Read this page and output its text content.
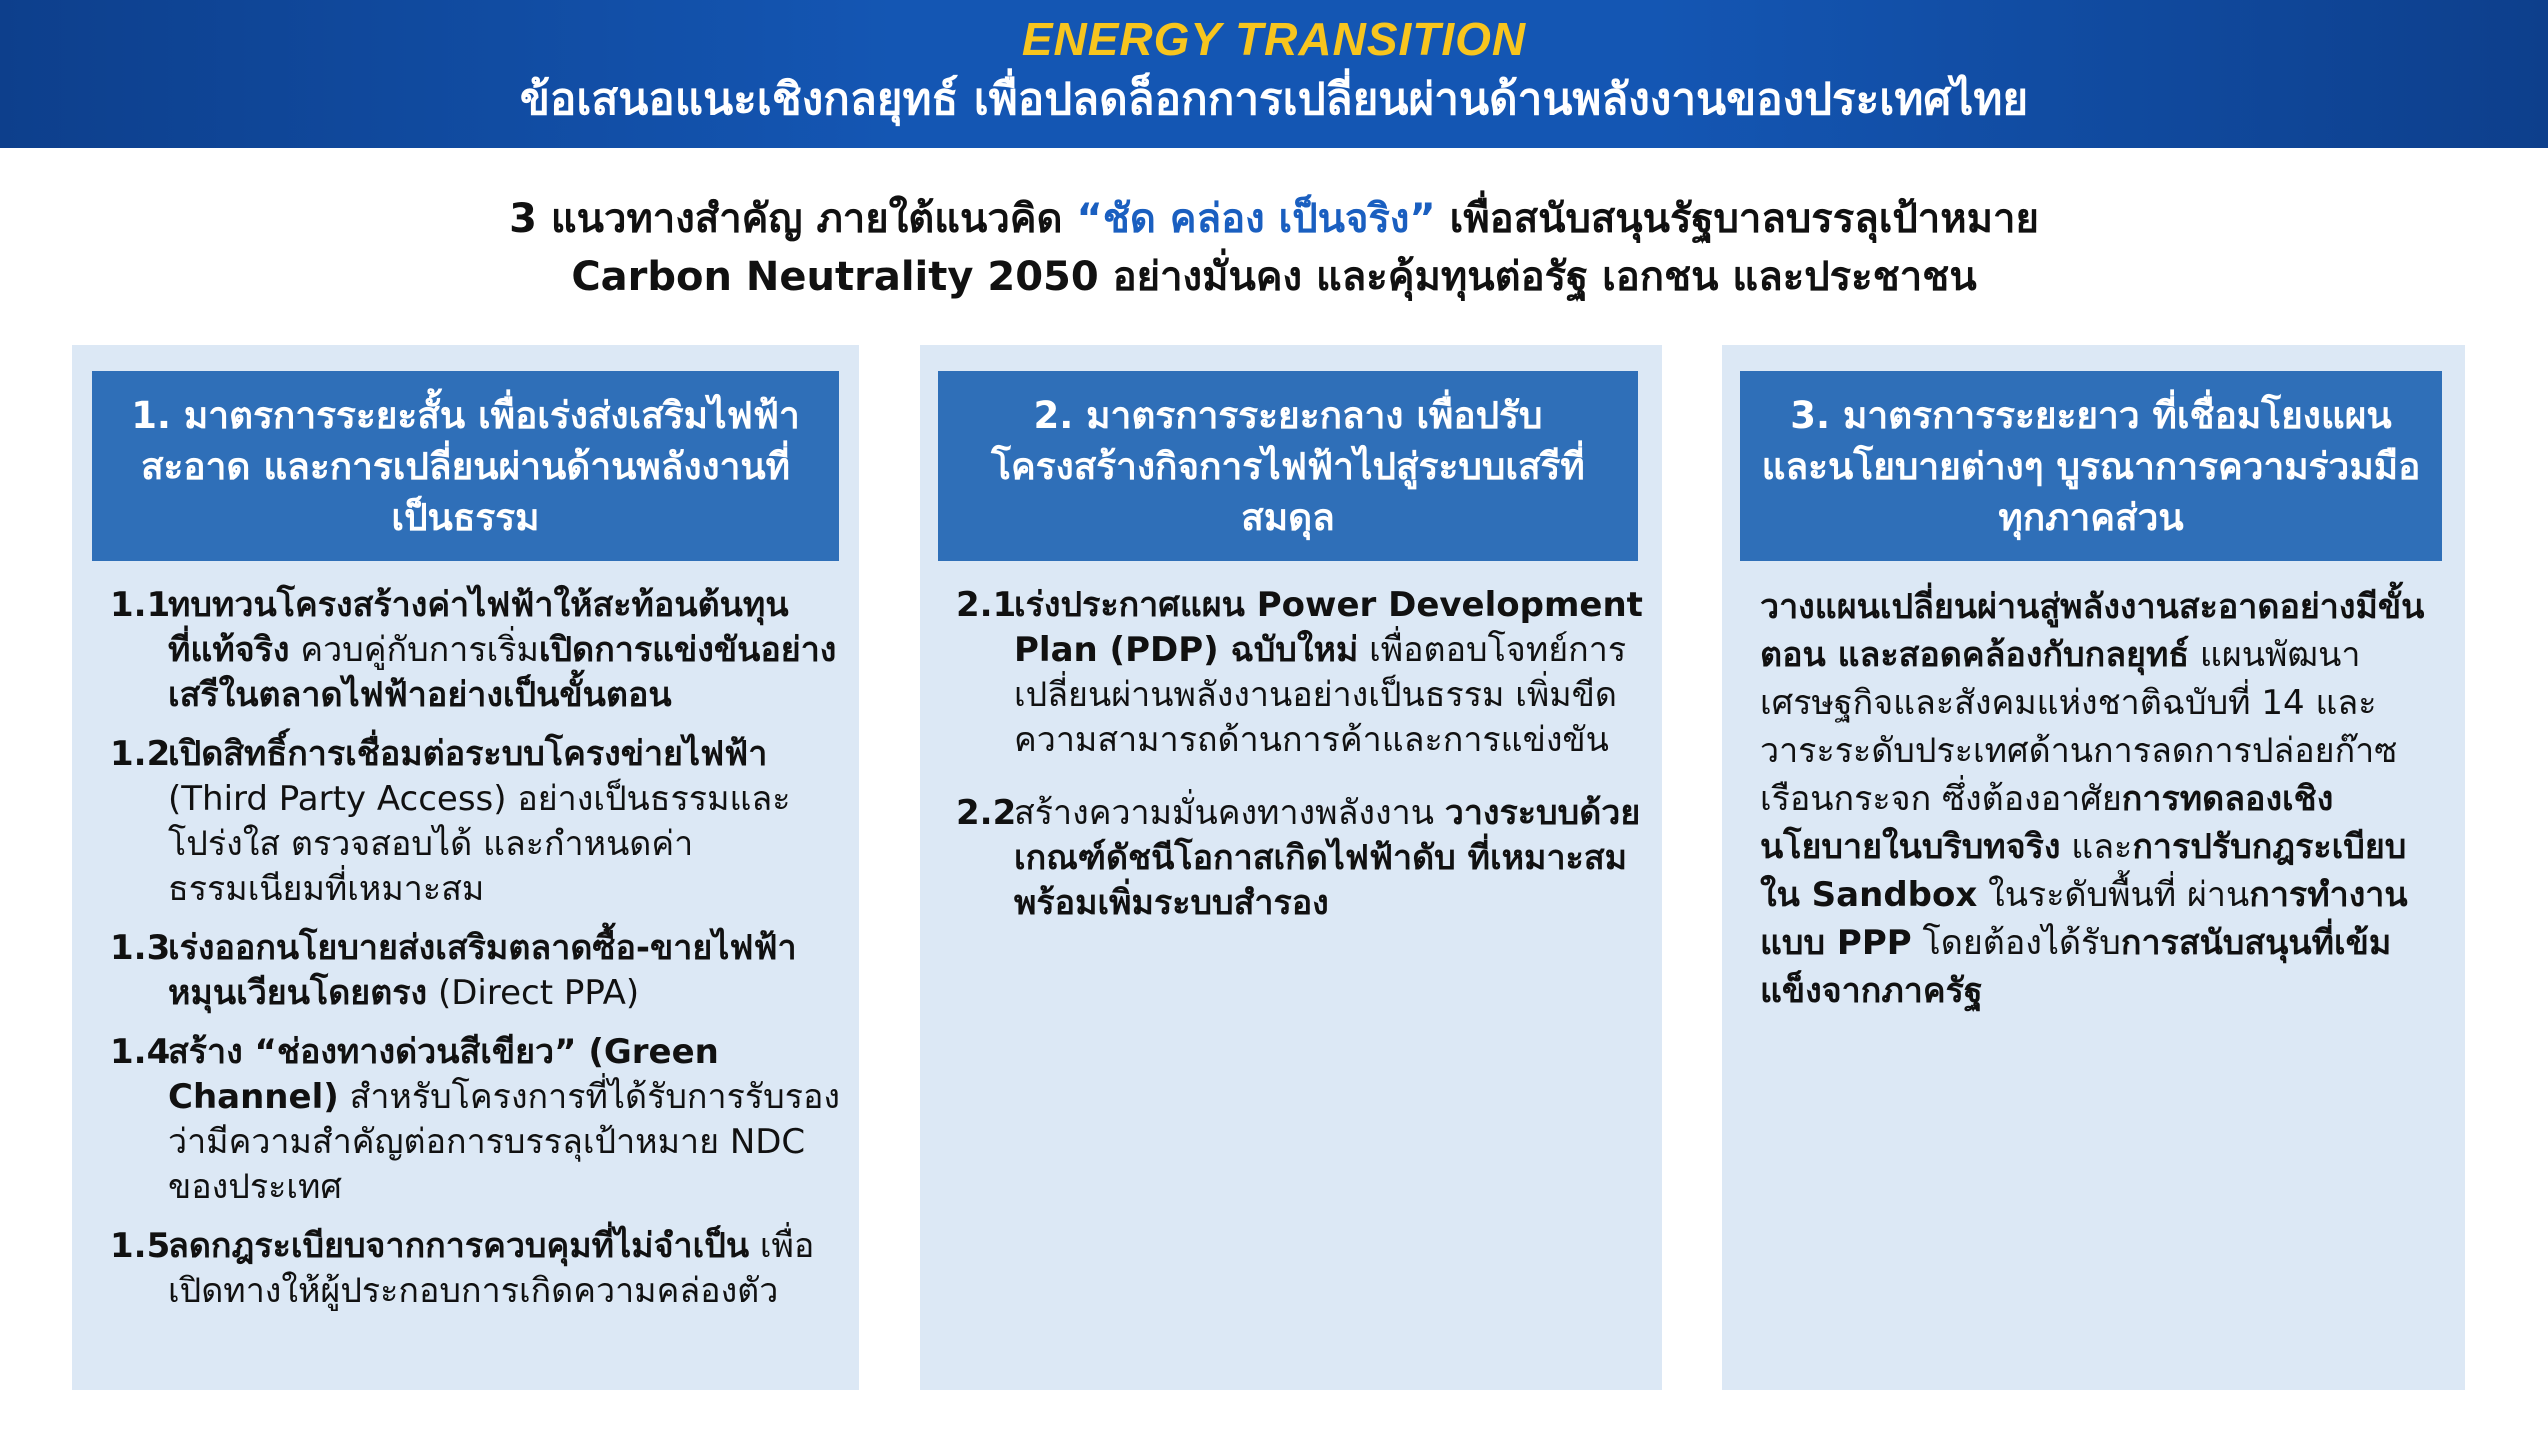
ENERGY TRANSITION
ข้อเสนอแนะเชิงกลยุทธ์ เพื่อปลดล็อกการเปลี่ยนผ่านด้านพลังงานของประเทศไทย
3 แนวทางสำคัญ ภายใต้แนวคิด “ชัด คล่อง เป็นจริง” เพื่อสนับสนุนรัฐบาลบรรลุเป้าหมาย
Carbon Neutrality 2050 อย่างมั่นคง และคุ้มทุนต่อรัฐ เอกชน และประชาชน
1. มาตรการระยะสั้น เพื่อเร่งส่งเสริมไฟฟ้าสะอาด และการเปลี่ยนผ่านด้านพลังงานที่เป็นธรรม
1.1
ทบทวนโครงสร้างค่าไฟฟ้าให้สะท้อนต้นทุนที่แท้จริง ควบคู่กับการเริ่มเปิดการแข่งขันอย่างเสรีในตลาดไฟฟ้าอย่างเป็นขั้นตอน
1.2
เปิดสิทธิ์การเชื่อมต่อระบบโครงข่ายไฟฟ้า (Third Party Access) อย่างเป็นธรรมและโปร่งใส ตรวจสอบได้ และกำหนดค่าธรรมเนียมที่เหมาะสม
1.3
เร่งออกนโยบายส่งเสริมตลาดซื้อ-ขายไฟฟ้าหมุนเวียนโดยตรง (Direct PPA)
1.4
สร้าง “ช่องทางด่วนสีเขียว” (Green Channel) สำหรับโครงการที่ได้รับการรับรองว่ามีความสำคัญต่อการบรรลุเป้าหมาย NDC ของประเทศ
1.5
ลดกฎระเบียบจากการควบคุมที่ไม่จำเป็น เพื่อเปิดทางให้ผู้ประกอบการเกิดความคล่องตัว
2. มาตรการระยะกลาง เพื่อปรับโครงสร้างกิจการไฟฟ้าไปสู่ระบบเสรีที่สมดุล
2.1
เร่งประกาศแผน Power Development Plan (PDP) ฉบับใหม่ เพื่อตอบโจทย์การเปลี่ยนผ่านพลังงานอย่างเป็นธรรม เพิ่มขีดความสามารถด้านการค้าและการแข่งขัน
2.2
สร้างความมั่นคงทางพลังงาน วางระบบด้วยเกณฑ์ดัชนีโอกาสเกิดไฟฟ้าดับ ที่เหมาะสม พร้อมเพิ่มระบบสำรอง
3. มาตรการระยะยาว ที่เชื่อมโยงแผนและนโยบายต่างๆ บูรณาการความร่วมมือทุกภาคส่วน
วางแผนเปลี่ยนผ่านสู่พลังงานสะอาดอย่างมีขั้นตอน และสอดคล้องกับกลยุทธ์ แผนพัฒนาเศรษฐกิจและสังคมแห่งชาติฉบับที่ 14 และวาระระดับประเทศด้านการลดการปล่อยก๊าซเรือนกระจก ซึ่งต้องอาศัยการทดลองเชิงนโยบายในบริบทจริง และการปรับกฎระเบียบใน Sandbox ในระดับพื้นที่ ผ่านการทำงานแบบ PPP โดยต้องได้รับการสนับสนุนที่เข้มแข็งจากภาครัฐ
